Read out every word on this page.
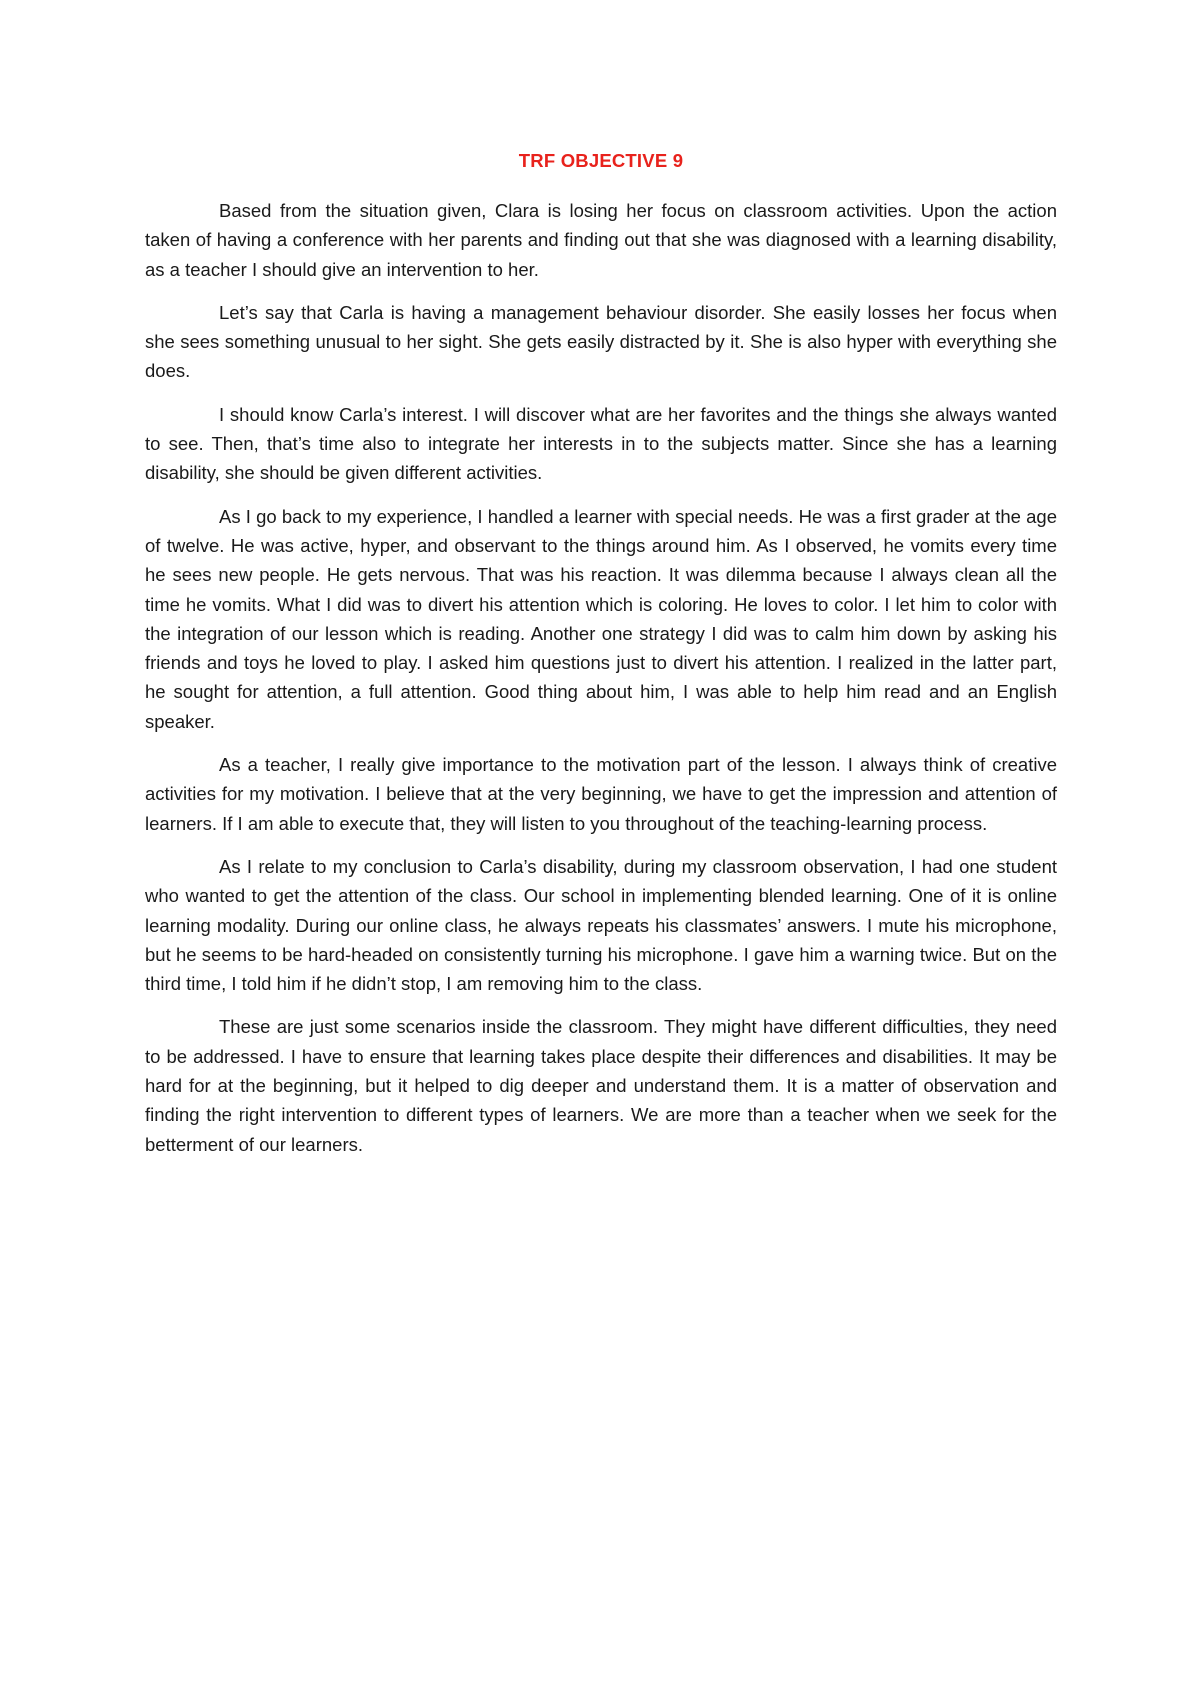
TRF OBJECTIVE 9

Based from the situation given, Clara is losing her focus on classroom activities. Upon the action taken of having a conference with her parents and finding out that she was diagnosed with a learning disability, as a teacher I should give an intervention to her.

Let’s say that Carla is having a management behaviour disorder. She easily losses her focus when she sees something unusual to her sight. She gets easily distracted by it. She is also hyper with everything she does.

I should know Carla’s interest. I will discover what are her favorites and the things she always wanted to see. Then, that’s time also to integrate her interests in to the subjects matter. Since she has a learning disability, she should be given different activities.

As I go back to my experience, I handled a learner with special needs. He was a first grader at the age of twelve. He was active, hyper, and observant to the things around him. As I observed, he vomits every time he sees new people. He gets nervous. That was his reaction. It was dilemma because I always clean all the time he vomits. What I did was to divert his attention which is coloring. He loves to color. I let him to color with the integration of our lesson which is reading. Another one strategy I did was to calm him down by asking his friends and toys he loved to play. I asked him questions just to divert his attention. I realized in the latter part, he sought for attention, a full attention. Good thing about him, I was able to help him read and an English speaker.

As a teacher, I really give importance to the motivation part of the lesson. I always think of creative activities for my motivation. I believe that at the very beginning, we have to get the impression and attention of learners. If I am able to execute that, they will listen to you throughout of the teaching-learning process.

As I relate to my conclusion to Carla’s disability, during my classroom observation, I had one student who wanted to get the attention of the class. Our school in implementing blended learning. One of it is online learning modality. During our online class, he always repeats his classmates’ answers. I mute his microphone, but he seems to be hard-headed on consistently turning his microphone. I gave him a warning twice. But on the third time, I told him if he didn’t stop, I am removing him to the class.

These are just some scenarios inside the classroom. They might have different difficulties, they need to be addressed. I have to ensure that learning takes place despite their differences and disabilities. It may be hard for at the beginning, but it helped to dig deeper and understand them. It is a matter of observation and finding the right intervention to different types of learners. We are more than a teacher when we seek for the betterment of our learners.
